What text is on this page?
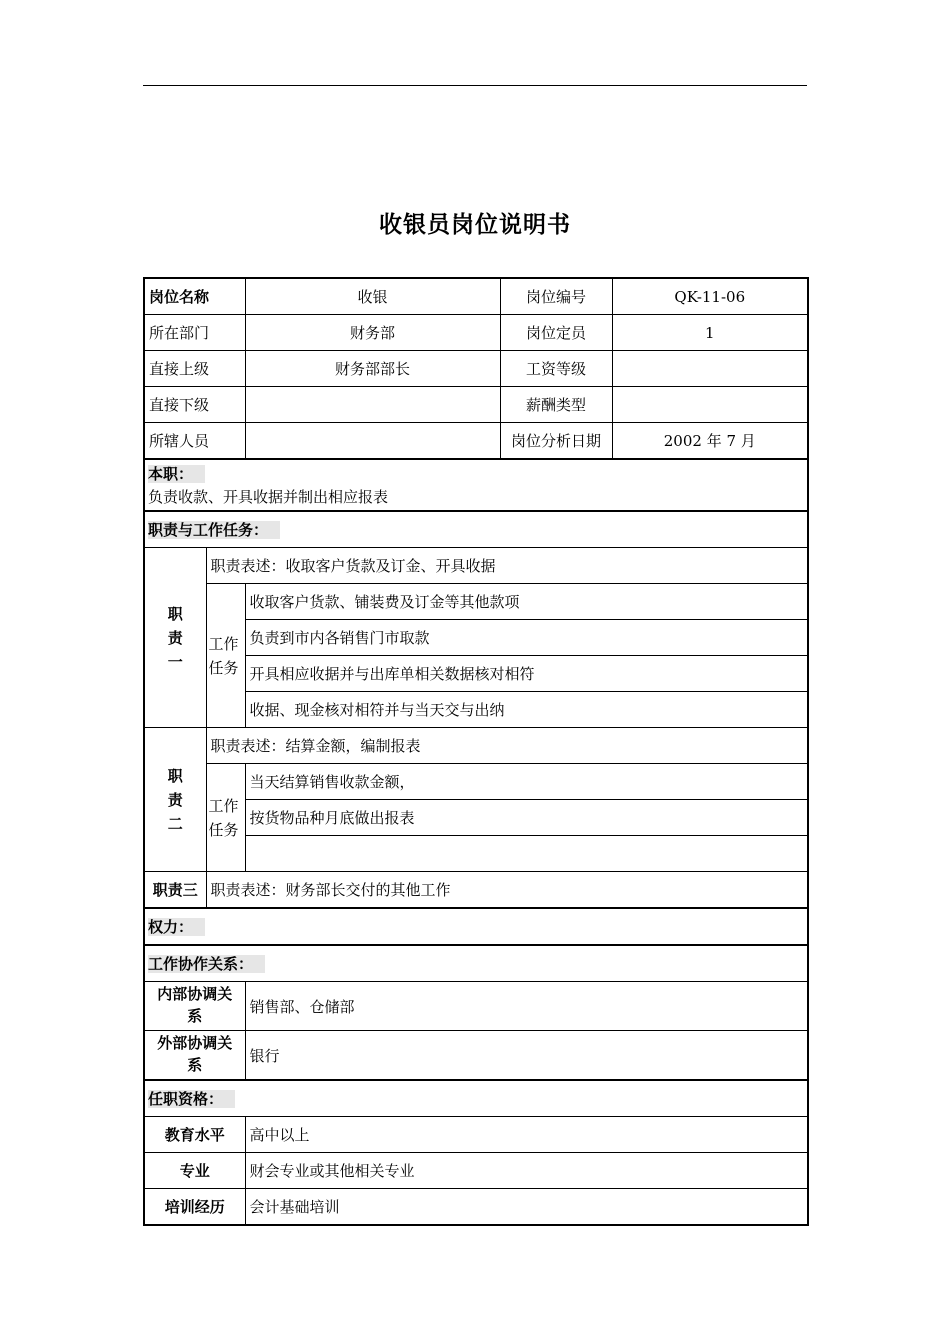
收银员岗位说明书
岗位名称		收银	岗位编号	QK-11-06
所在部门		财务部	岗位定员	1
直接上级		财务部部长	工资等级	
直接下级			薪酬类型	
所辖人员			岗位分析日期	2002 年 7 月

本职：
负责收款、开具收据并制出相应报表				

职责与工作任务：				

职
责
一	职责表述：收取客户货款及订金、开具收据			

	工作
任务	收取客户货款、铺装费及订金等其他款项		
		负责到市内各销售门市取款		
		开具相应收据并与出库单相关数据核对相符		
		收据、现金核对相符并与当天交与出纳		

职
责
二	职责表述：结算金额，编制报表			

	工作
任务	当天结算销售收款金额，		
		按货物品种月底做出报表		

职责三	职责表述：财务部长交付的其他工作			
权力：				
工作协作关系：				
内部协调关系		销售部、仓储部		
外部协调关系		银行		
任职资格：				
教育水平		高中以上		
专业		财会专业或其他相关专业		
培训经历		会计基础培训		
